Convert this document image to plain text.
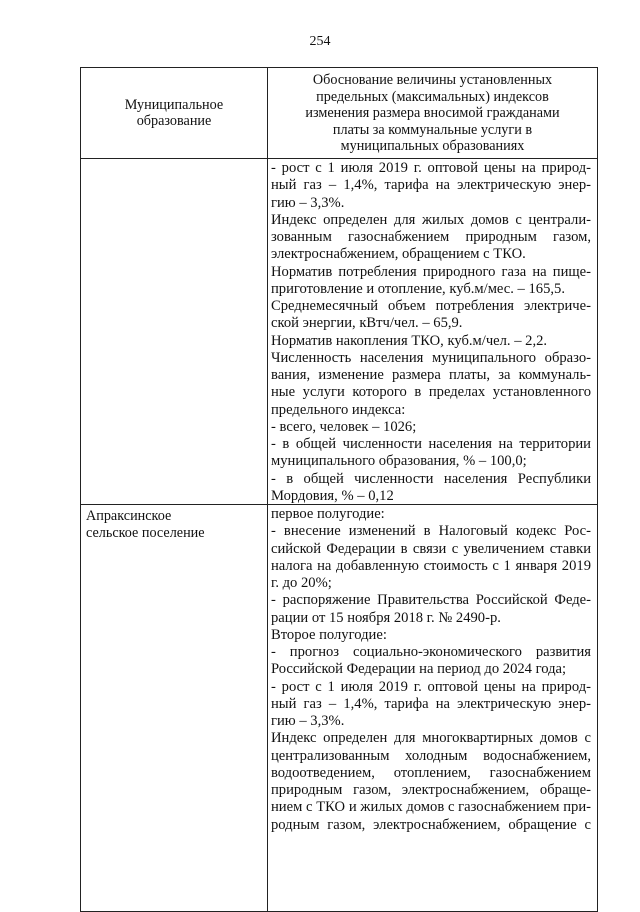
254
Муниципальное образование
Обоснование величины установленных предельных (максимальных) индексов изменения размера вносимой гражданами платы за коммунальные услуги в муниципальных образованиях
- рост с 1 июля 2019 г. оптовой цены на природ-
ный газ – 1,4%, тарифа на электрическую энер-
гию – 3,3%.
Индекс определен для жилых домов с централи-
зованным газоснабжением природным газом,
электроснабжением, обращением с ТКО.
Норматив потребления природного газа на пище-
приготовление и отопление, куб.м/мес. – 165,5.
Среднемесячный объем потребления электриче-
ской энергии, кВтч/чел. – 65,9.
Норматив накопления ТКО, куб.м/чел. – 2,2.
Численность населения муниципального образо-
вания, изменение размера платы, за коммуналь-
ные услуги которого в пределах установленного
предельного индекса:
- всего, человек – 1026;
- в общей численности населения на территории
муниципального образования, % – 100,0;
- в общей численности населения Республики
Мордовия, % – 0,12
Апраксинское сельское поселение
первое полугодие:
- внесение изменений в Налоговый кодекс Рос-
сийской Федерации в связи с увеличением ставки
налога на добавленную стоимость с 1 января 2019
г. до 20%;
- распоряжение Правительства Российской Феде-
рации от 15 ноября 2018 г. № 2490-р.
Второе полугодие:
- прогноз социально-экономического развития
Российской Федерации на период до 2024 года;
- рост с 1 июля 2019 г. оптовой цены на природ-
ный газ – 1,4%, тарифа на электрическую энер-
гию – 3,3%.
Индекс определен для многоквартирных домов с
централизованным холодным водоснабжением,
водоотведением, отоплением, газоснабжением
природным газом, электроснабжением, обраще-
нием с ТКО и жилых домов с газоснабжением при-
родным газом, электроснабжением, обращение с
